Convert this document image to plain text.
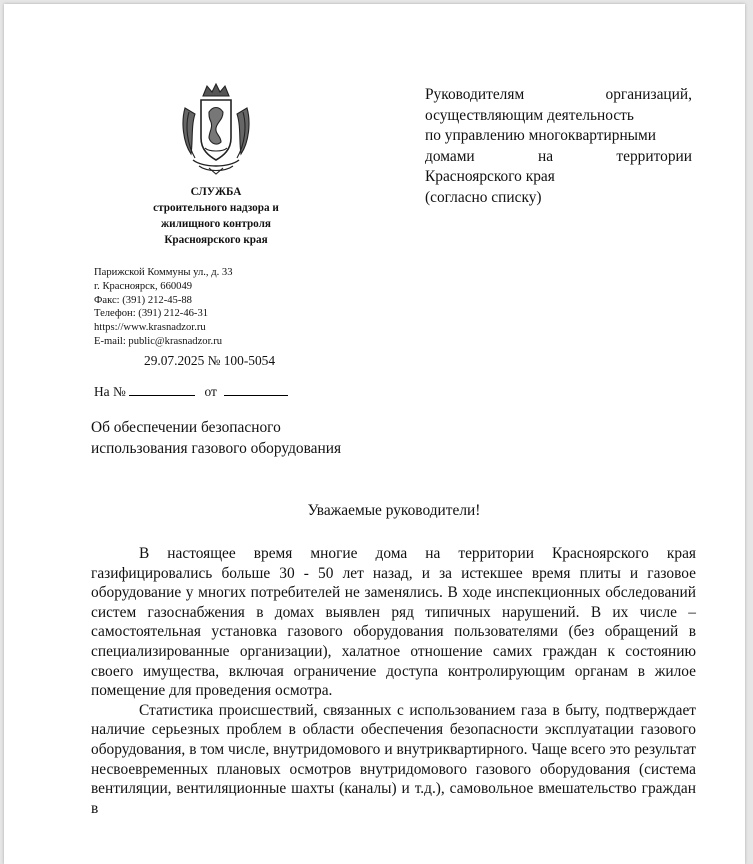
СЛУЖБА
строительного надзора и
жилищного контроля
Красноярского края
Парижской Коммуны ул., д. 33
г. Красноярск, 660049
Факс: (391) 212-45-88
Телефон: (391) 212-46-31
https://www.krasnadzor.ru
E-mail: public@krasnadzor.ru
29.07.2025 № 100-5054
На №	от
Руководителям организаций,
осуществляющим деятельность
по управлению многоквартирными
домами на территории
Красноярского края
(согласно списку)
Об обеспечении безопасного
использования газового оборудования
Уважаемые руководители!

В настоящее время многие дома на территории Красноярского края газифицировались больше 30 - 50 лет назад, и за истекшее время плиты и газовое оборудование у многих потребителей не заменялись. В ходе инспекционных обследований систем газоснабжения в домах выявлен ряд типичных нарушений. В их числе – самостоятельная установка газового оборудования пользователями (без обращений в специализированные организации), халатное отношение самих граждан к состоянию своего имущества, включая ограничение доступа контролирующим органам в жилое помещение для проведения осмотра.

Статистика происшествий, связанных с использованием газа в быту, подтверждает наличие серьезных проблем в области обеспечения безопасности эксплуатации газового оборудования, в том числе, внутридомового и внутриквартирного. Чаще всего это результат несвоевременных плановых осмотров внутридомового газового оборудования (система вентиляции, вентиляционные шахты (каналы) и т.д.), самовольное вмешательство граждан в
